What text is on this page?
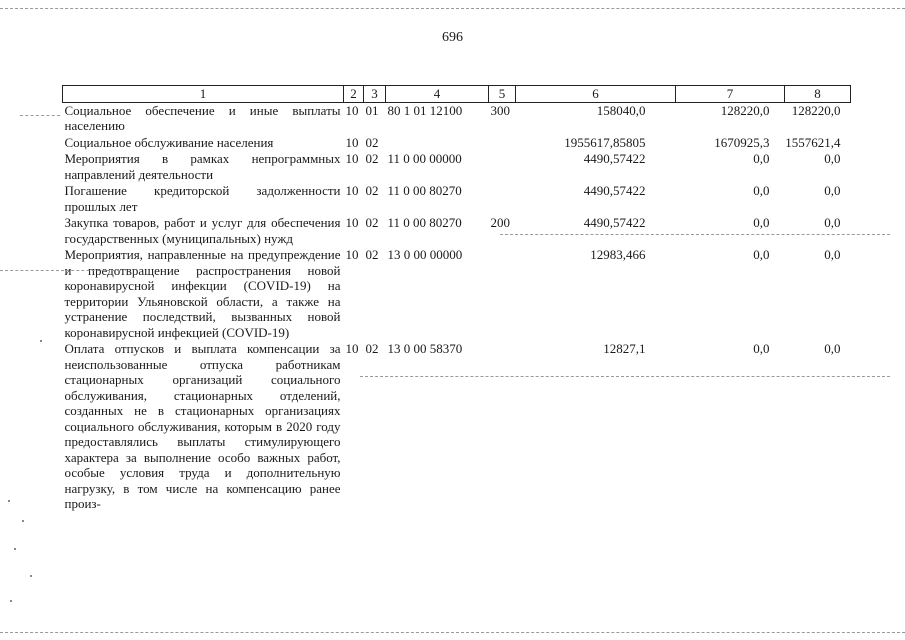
696
1	2	3	4	5	6	7	8
Социальное обеспечение и иные выплаты населению	10	01	80 1 01 12100	300	158040,0	128220,0	128220,0
Социальное обслуживание населения	10	02			1955617,85805	1670925,3	1557621,4
Мероприятия в рамках непрограммных направлений деятельности	10	02	11 0 00 00000		4490,57422	0,0	0,0
Погашение кредиторской задолженности прошлых лет	10	02	11 0 00 80270		4490,57422	0,0	0,0
Закупка товаров, работ и услуг для обеспечения государственных (муниципальных) нужд	10	02	11 0 00 80270	200	4490,57422	0,0	0,0
Мероприятия, направленные на предупреждение и предотвращение распространения новой коронавирусной инфекции (COVID-19) на территории Ульяновской области, а также на устранение последствий, вызванных новой коронавирусной инфекцией (COVID-19)	10	02	13 0 00 00000		12983,466	0,0	0,0
Оплата отпусков и выплата компенсации за неиспользованные отпуска работникам стационарных организаций социального обслуживания, стационарных отделений, созданных не в стационарных организациях социального обслуживания, которым в 2020 году предоставлялись выплаты стимулирующего характера за выполнение особо важных работ, особые условия труда и дополнительную нагрузку, в том числе на компенсацию ранее произ-	10	02	13 0 00 58370		12827,1	0,0	0,0
